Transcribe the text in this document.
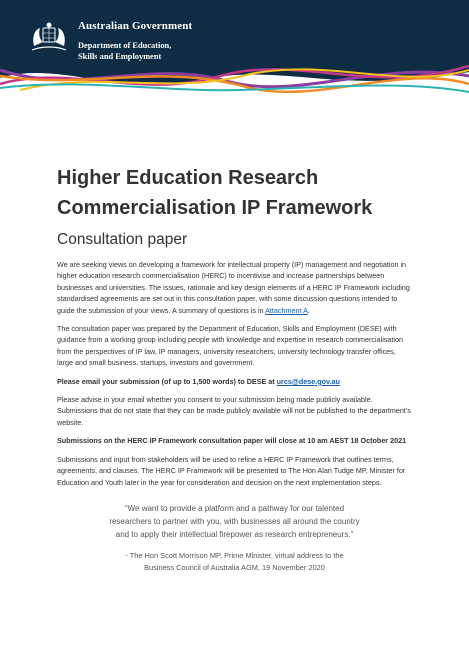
Australian Government
Department of Education,
Skills and Employment
Higher Education Research
Commercialisation IP Framework
Consultation paper

We are seeking views on developing a framework for intellectual property (IP) management and negotiation in higher education research commercialisation (HERC) to incentivise and increase partnerships between businesses and universities. The issues, rationale and key design elements of a HERC IP Framework including standardised agreements are set out in this consultation paper, with some discussion questions intended to guide the submission of your views. A summary of questions is in Attachment A.

The consultation paper was prepared by the Department of Education, Skills and Employment (DESE) with guidance from a working group including people with knowledge and expertise in research commercialisation from the perspectives of IP law, IP managers, university researchers, university technology transfer offices, large and small business, startups, investors and government.

Please email your submission (of up to 1,500 words) to DESE at urcs@dese.gov.au

Please advise in your email whether you consent to your submission being made publicly available. Submissions that do not state that they can be made publicly available will not be published to the department’s website.

Submissions on the HERC IP Framework consultation paper will close at 10 am AEST 18 October 2021

Submissions and input from stakeholders will be used to refine a HERC IP Framework that outlines terms, agreements, and clauses. The HERC IP Framework will be presented to The Hon Alan Tudge MP, Minister for Education and Youth later in the year for consideration and decision on the next implementation steps.

“We want to provide a platform and a pathway for our talented
researchers to partner with you, with businesses all around the country
and to apply their intellectual firepower as research entrepreneurs.”
- The Hon Scott Morrison MP, Prime Minister, virtual address to the
Business Council of Australia AGM, 19 November 2020
